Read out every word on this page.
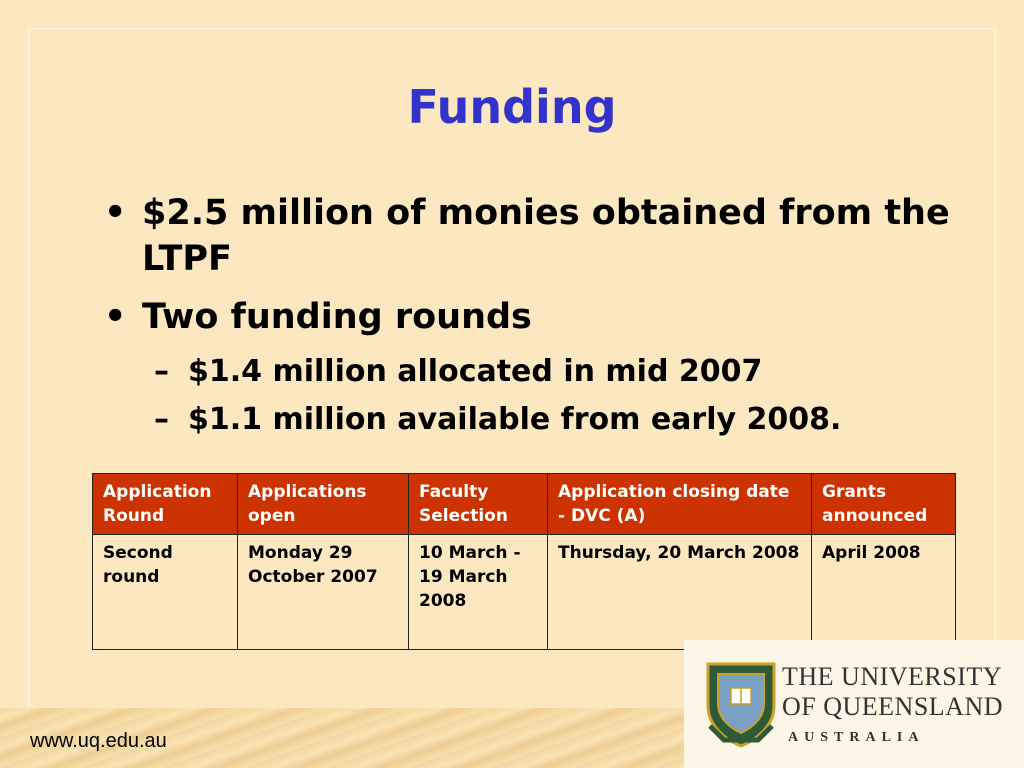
Funding
• $2.5 million of monies obtained from the LTPF
• Two funding rounds
– $1.4 million allocated in mid 2007
– $1.1 million available from early 2008.
Application Round	Applications open	Faculty Selection	Application closing date - DVC (A)	Grants announced
Second round	Monday 29 October 2007	10 March - 19 March 2008	Thursday, 20 March 2008	April 2008
www.uq.edu.au
THE UNIVERSITY
OF QUEENSLAND
AUSTRALIA
